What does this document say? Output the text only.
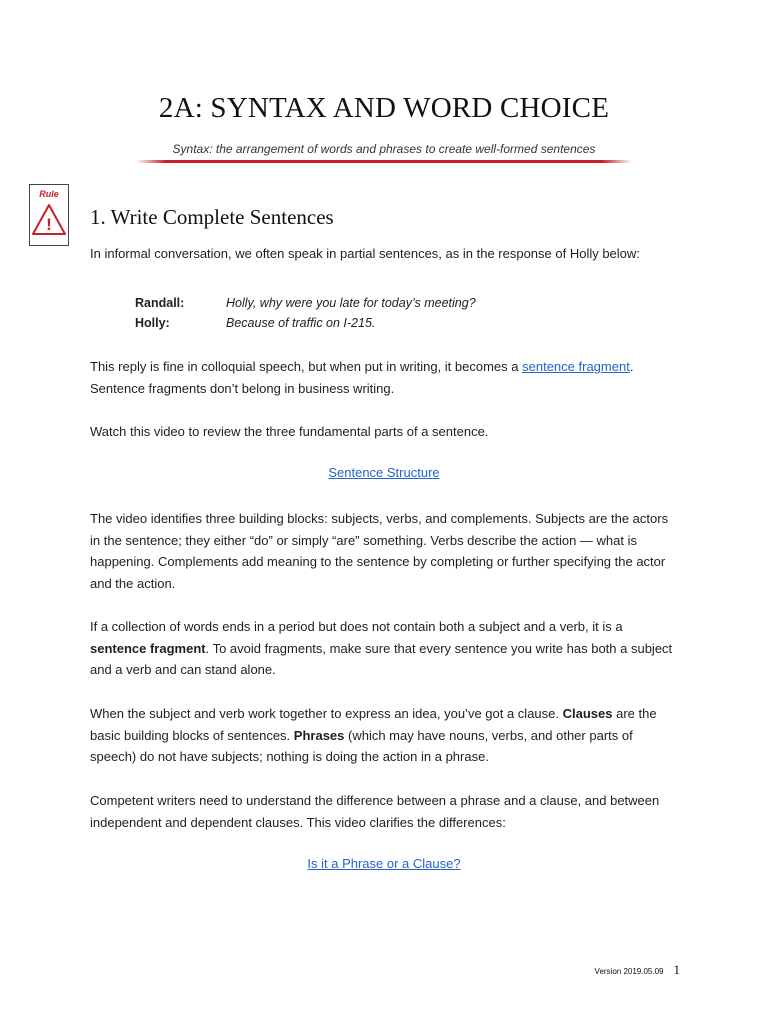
2A: SYNTAX AND WORD CHOICE
Syntax: the arrangement of words and phrases to create well-formed sentences
Rule
! 1. Write Complete Sentences
In informal conversation, we often speak in partial sentences, as in the response of Holly below:
Randall:	Holly, why were you late for today’s meeting?
Holly:	Because of traffic on I-215.
This reply is fine in colloquial speech, but when put in writing, it becomes a sentence fragment. Sentence fragments don’t belong in business writing.
Watch this video to review the three fundamental parts of a sentence.
Sentence Structure
The video identifies three building blocks: subjects, verbs, and complements. Subjects are the actors in the sentence; they either “do” or simply “are” something. Verbs describe the action — what is happening. Complements add meaning to the sentence by completing or further specifying the actor and the action.
If a collection of words ends in a period but does not contain both a subject and a verb, it is a sentence fragment. To avoid fragments, make sure that every sentence you write has both a subject and a verb and can stand alone.
When the subject and verb work together to express an idea, you’ve got a clause. Clauses are the basic building blocks of sentences. Phrases (which may have nouns, verbs, and other parts of speech) do not have subjects; nothing is doing the action in a phrase.
Competent writers need to understand the difference between a phrase and a clause, and between independent and dependent clauses. This video clarifies the differences:
Is it a Phrase or a Clause?
Version 2019.05.09 1
